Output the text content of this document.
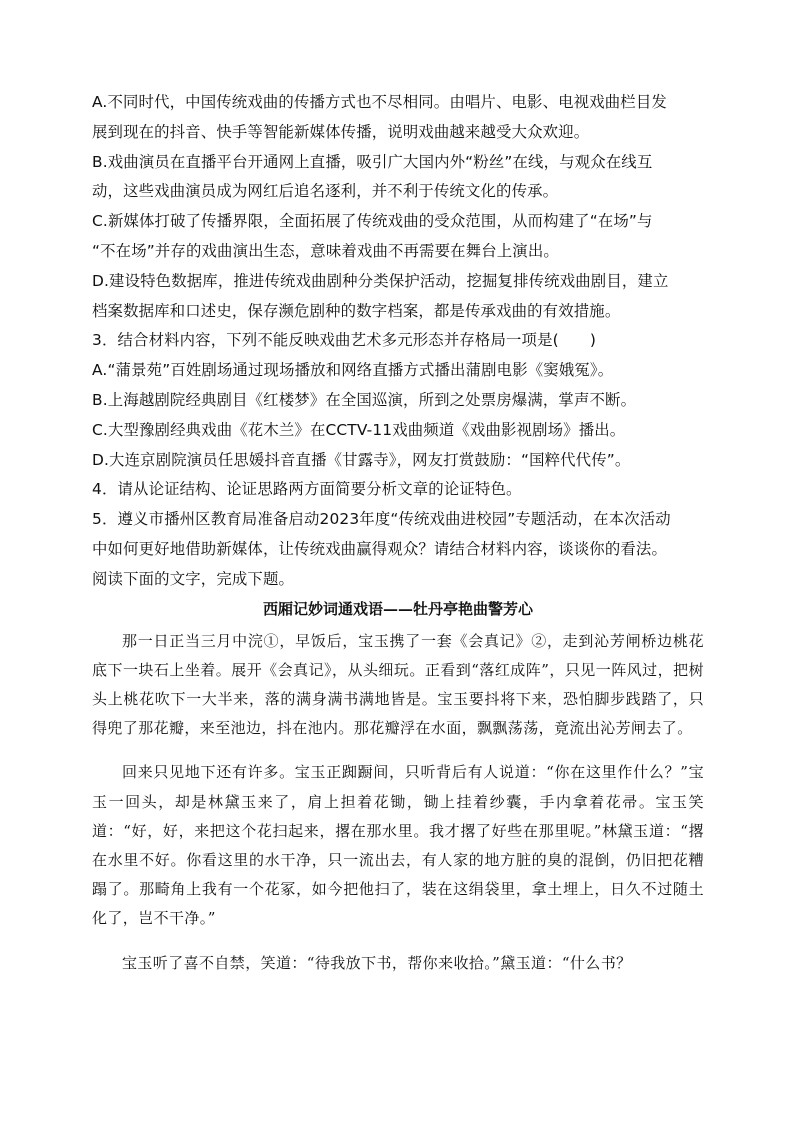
A.不同时代，中国传统戏曲的传播方式也不尽相同。由唱片、电影、电视戏曲栏目发

展到现在的抖音、快手等智能新媒体传播，说明戏曲越来越受大众欢迎。

B.戏曲演员在直播平台开通网上直播，吸引广大国内外“粉丝”在线，与观众在线互

动，这些戏曲演员成为网红后追名逐利，并不利于传统文化的传承。

C.新媒体打破了传播界限，全面拓展了传统戏曲的受众范围，从而构建了“在场”与

“不在场”并存的戏曲演出生态，意味着戏曲不再需要在舞台上演出。

D.建设特色数据库，推进传统戏曲剧种分类保护活动，挖掘复排传统戏曲剧目，建立

档案数据库和口述史，保存濒危剧种的数字档案，都是传承戏曲的有效措施。

3．结合材料内容，下列不能反映戏曲艺术多元形态并存格局一项是(　　)

A.“蒲景苑”百姓剧场通过现场播放和网络直播方式播出蒲剧电影《窦娥冤》。

B.上海越剧院经典剧目《红楼梦》在全国巡演，所到之处票房爆满，掌声不断。

C.大型豫剧经典戏曲《花木兰》在CCTV-11戏曲频道《戏曲影视剧场》播出。

D.大连京剧院演员任思媛抖音直播《甘露寺》，网友打赏鼓励：“国粹代代传”。

4．请从论证结构、论证思路两方面简要分析文章的论证特色。

5．遵义市播州区教育局准备启动2023年度“传统戏曲进校园”专题活动，在本次活动

中如何更好地借助新媒体，让传统戏曲赢得观众？请结合材料内容，谈谈你的看法。

阅读下面的文字，完成下题。

西厢记妙词通戏语——牡丹亭艳曲警芳心

那一日正当三月中浣①，早饭后，宝玉携了一套《会真记》②，走到沁芳闸桥边桃花底下一块石上坐着。展开《会真记》，从头细玩。正看到“落红成阵”，只见一阵风过，把树头上桃花吹下一大半来，落的满身满书满地皆是。宝玉要抖将下来，恐怕脚步践踏了，只得兜了那花瓣，来至池边，抖在池内。那花瓣浮在水面，飘飘荡荡，竟流出沁芳闸去了。

回来只见地下还有许多。宝玉正踟蹰间，只听背后有人说道：“你在这里作什么？”宝玉一回头，却是林黛玉来了，肩上担着花锄，锄上挂着纱囊，手内拿着花帚。宝玉笑道：“好，好，来把这个花扫起来，撂在那水里。我才撂了好些在那里呢。”林黛玉道：“撂在水里不好。你看这里的水干净，只一流出去，有人家的地方脏的臭的混倒，仍旧把花糟蹋了。那畸角上我有一个花冢，如今把他扫了，装在这绢袋里，拿土埋上，日久不过随土化了，岂不干净。”

宝玉听了喜不自禁，笑道：“待我放下书，帮你来收拾。”黛玉道：“什么书？
